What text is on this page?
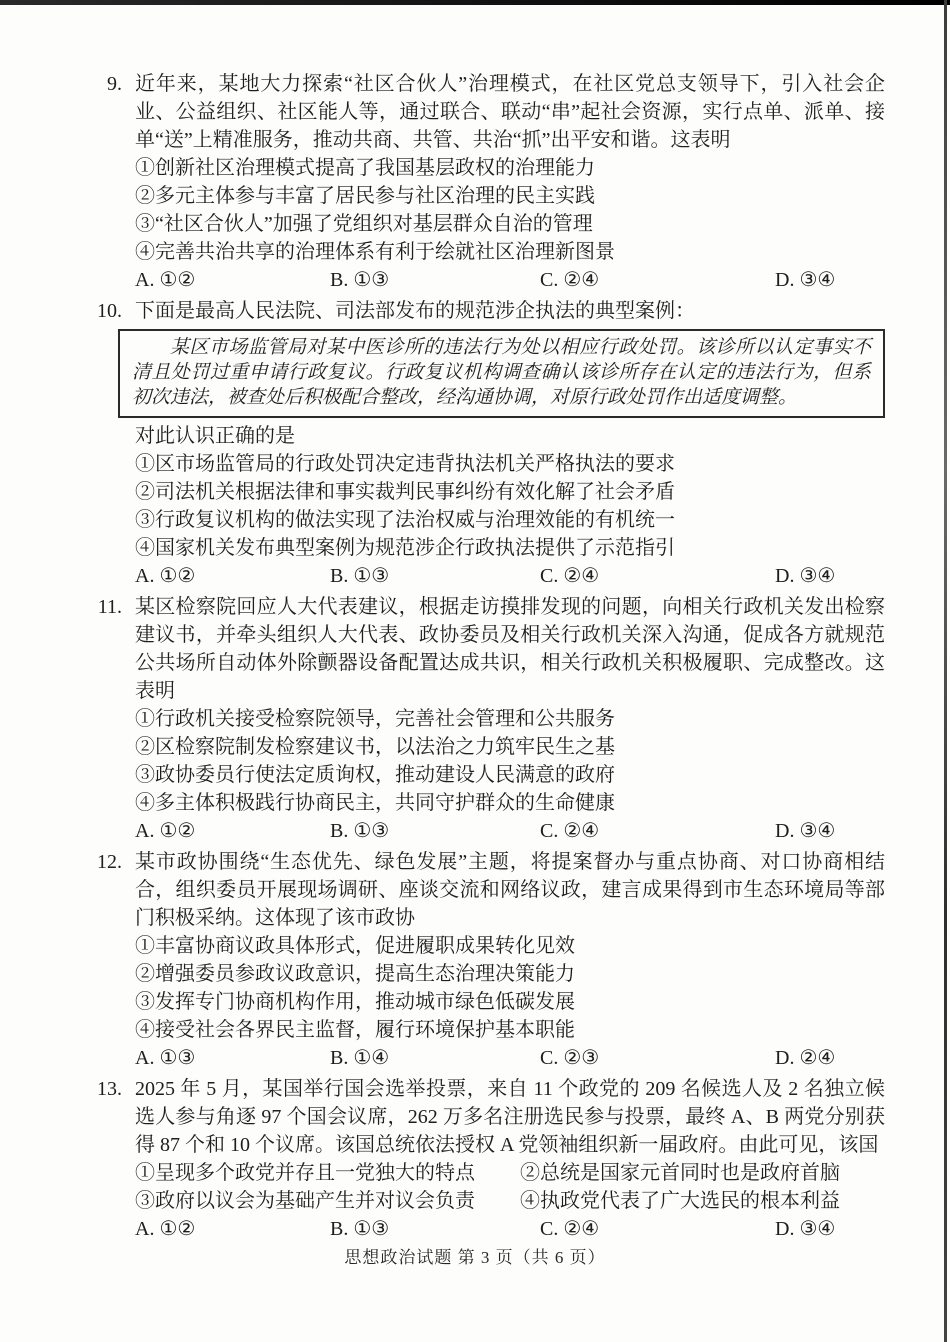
9. 近年来，某地大力探索“社区合伙人”治理模式，在社区党总支领导下，引入社会企业、公益组织、社区能人等，通过联合、联动“串”起社会资源，实行点单、派单、接单“送”上精准服务，推动共商、共管、共治“抓”出平安和谐。这表明
①创新社区治理模式提高了我国基层政权的治理能力
②多元主体参与丰富了居民参与社区治理的民主实践
③“社区合伙人”加强了党组织对基层群众自治的管理
④完善共治共享的治理体系有利于绘就社区治理新图景
A. ①②	B. ①③	C. ②④	D. ③④
10. 下面是最高人民法院、司法部发布的规范涉企执法的典型案例：
某区市场监管局对某中医诊所的违法行为处以相应行政处罚。该诊所以认定事实不清且处罚过重申请行政复议。行政复议机构调查确认该诊所存在认定的违法行为，但系初次违法，被查处后积极配合整改，经沟通协调，对原行政处罚作出适度调整。
对此认识正确的是
①区市场监管局的行政处罚决定违背执法机关严格执法的要求
②司法机关根据法律和事实裁判民事纠纷有效化解了社会矛盾
③行政复议机构的做法实现了法治权威与治理效能的有机统一
④国家机关发布典型案例为规范涉企行政执法提供了示范指引
A. ①②	B. ①③	C. ②④	D. ③④
11. 某区检察院回应人大代表建议，根据走访摸排发现的问题，向相关行政机关发出检察建议书，并牵头组织人大代表、政协委员及相关行政机关深入沟通，促成各方就规范公共场所自动体外除颤器设备配置达成共识，相关行政机关积极履职、完成整改。这表明
①行政机关接受检察院领导，完善社会管理和公共服务
②区检察院制发检察建议书，以法治之力筑牢民生之基
③政协委员行使法定质询权，推动建设人民满意的政府
④多主体积极践行协商民主，共同守护群众的生命健康
A. ①②	B. ①③	C. ②④	D. ③④
12. 某市政协围绕“生态优先、绿色发展”主题，将提案督办与重点协商、对口协商相结合，组织委员开展现场调研、座谈交流和网络议政，建言成果得到市生态环境局等部门积极采纳。这体现了该市政协
①丰富协商议政具体形式，促进履职成果转化见效
②增强委员参政议政意识，提高生态治理决策能力
③发挥专门协商机构作用，推动城市绿色低碳发展
④接受社会各界民主监督，履行环境保护基本职能
A. ①③	B. ①④	C. ②③	D. ②④
13. 2025 年 5 月，某国举行国会选举投票，来自 11 个政党的 209 名候选人及 2 名独立候选人参与角逐 97 个国会议席，262 万多名注册选民参与投票，最终 A、B 两党分别获得 87 个和 10 个议席。该国总统依法授权 A 党领袖组织新一届政府。由此可见，该国
①呈现多个政党并存且一党独大的特点	②总统是国家元首同时也是政府首脑
③政府以议会为基础产生并对议会负责	④执政党代表了广大选民的根本利益
A. ①②	B. ①③	C. ②④	D. ③④
思想政治试题 第 3 页（共 6 页）
